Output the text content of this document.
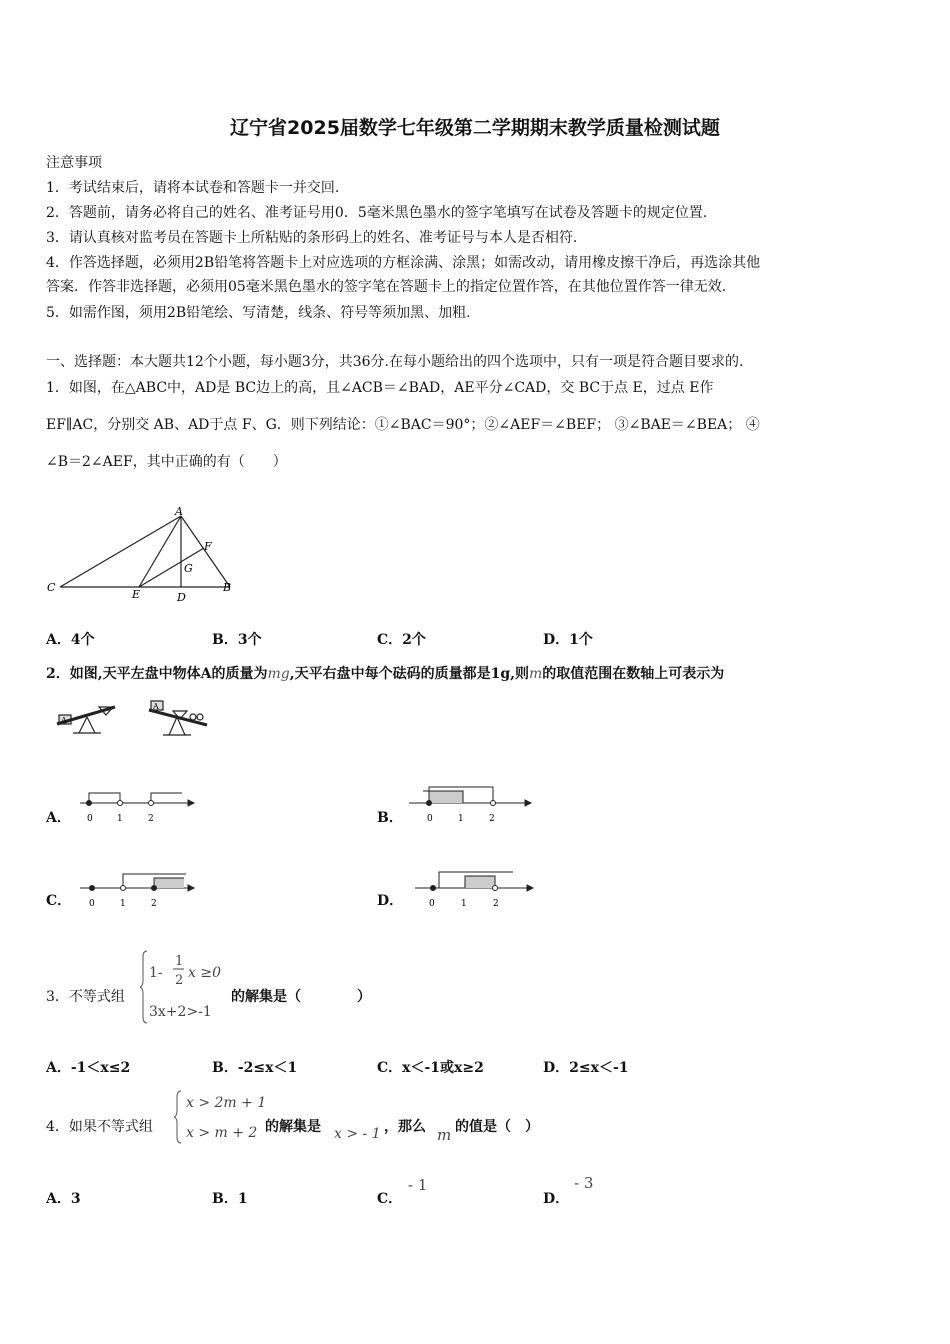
辽宁省2025届数学七年级第二学期期末教学质量检测试题
注意事项
1．考试结束后，请将本试卷和答题卡一并交回.
2．答题前，请务必将自己的姓名、准考证号用0．5毫米黑色墨水的签字笔填写在试卷及答题卡的规定位置.
3．请认真核对监考员在答题卡上所粘贴的条形码上的姓名、准考证号与本人是否相符.
4．作答选择题，必须用2B铅笔将答题卡上对应选项的方框涂满、涂黑；如需改动，请用橡皮擦干净后，再选涂其他
答案．作答非选择题，必须用05毫米黑色墨水的签字笔在答题卡上的指定位置作答，在其他位置作答一律无效.
5．如需作图，须用2B铅笔绘、写清楚，线条、符号等须加黑、加粗.
一、选择题：本大题共12个小题，每小题3分，共36分.在每小题给出的四个选项中，只有一项是符合题目要求的.
1．如图，在△ABC中，AD是 BC边上的高，且∠ACB＝∠BAD，AE平分∠CAD，交 BC于点 E，过点 E作
EF∥AC，分别交 AB、AD于点 F、G．则下列结论：①∠BAC＝90°；②∠AEF＝∠BEF； ③∠BAE＝∠BEA； ④
∠B＝2∠AEF，其中正确的有（　　）
A
B
C
D
E
F
G
A．4个	B．3个	C．2个	D．1个
2．如图,天平左盘中物体A的质量为mg,天平右盘中每个砝码的质量都是1g,则m的取值范围在数轴上可表示为
A
A
A． 0	1	2	B．	0	1	2
C． 0	1	2	D．	0	1	2
3．不等式组
1-
1
2 x ≥0
3x+2>-1
的解集是（　　　　）
A．-1＜x≤2	B．-2≤x＜1	C．x＜-1或x≥2	D．2≤x＜-1
4．如果不等式组
x > 2m + 1
x > m + 2 的解集是 x > - 1 ，那么 m 的值是（　）
A．3	B．1	C．
- 1
D．
- 3
